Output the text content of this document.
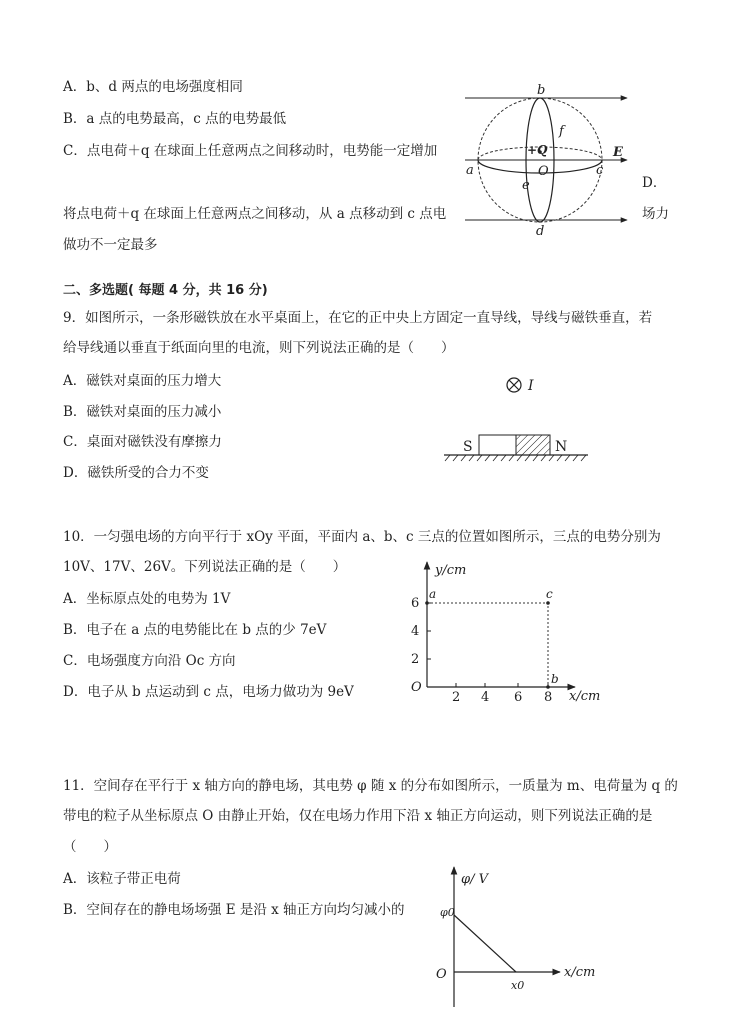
A．b、d 两点的电场强度相同
B．a 点的电势最高，c 点的电势最低
C．点电荷＋q 在球面上任意两点之间移动时，电势能一定增加
D．
将点电荷＋q 在球面上任意两点之间移动，从 a 点移动到 c 点电	场力
做功不一定最多
b
f
+Q
O
E
a	c
e
d
二、多选题( 每题 4 分，共 16 分)
9．如图所示，一条形磁铁放在水平桌面上，在它的正中央上方固定一直导线，导线与磁铁垂直，若
给导线通以垂直于纸面向里的电流，则下列说法正确的是（　　）
A．磁铁对桌面的压力增大
B．磁铁对桌面的压力减小
C．桌面对磁铁没有摩擦力
D．磁铁所受的合力不变
I
S	N
10．一匀强电场的方向平行于 xOy 平面，平面内 a、b、c 三点的位置如图所示，三点的电势分别为
10V、17V、26V。下列说法正确的是（　　）
A．坐标原点处的电势为 1V
B．电子在 a 点的电势能比在 b 点的少 7eV
C．电场强度方向沿 Oc 方向
D．电子从 b 点运动到 c 点，电场力做功为 9eV
y/cm
x/cm
O
6
4
2
2 4 6 8
a	c
b
11．空间存在平行于 x 轴方向的静电场，其电势 φ 随 x 的分布如图所示，一质量为 m、电荷量为 q 的
带电的粒子从坐标原点 O 由静止开始，仅在电场力作用下沿 x 轴正方向运动，则下列说法正确的是
（　　）
A．该粒子带正电荷
B．空间存在的静电场场强 E 是沿 x 轴正方向均匀减小的
φ/ V
φ0
O	x/cm
x0
